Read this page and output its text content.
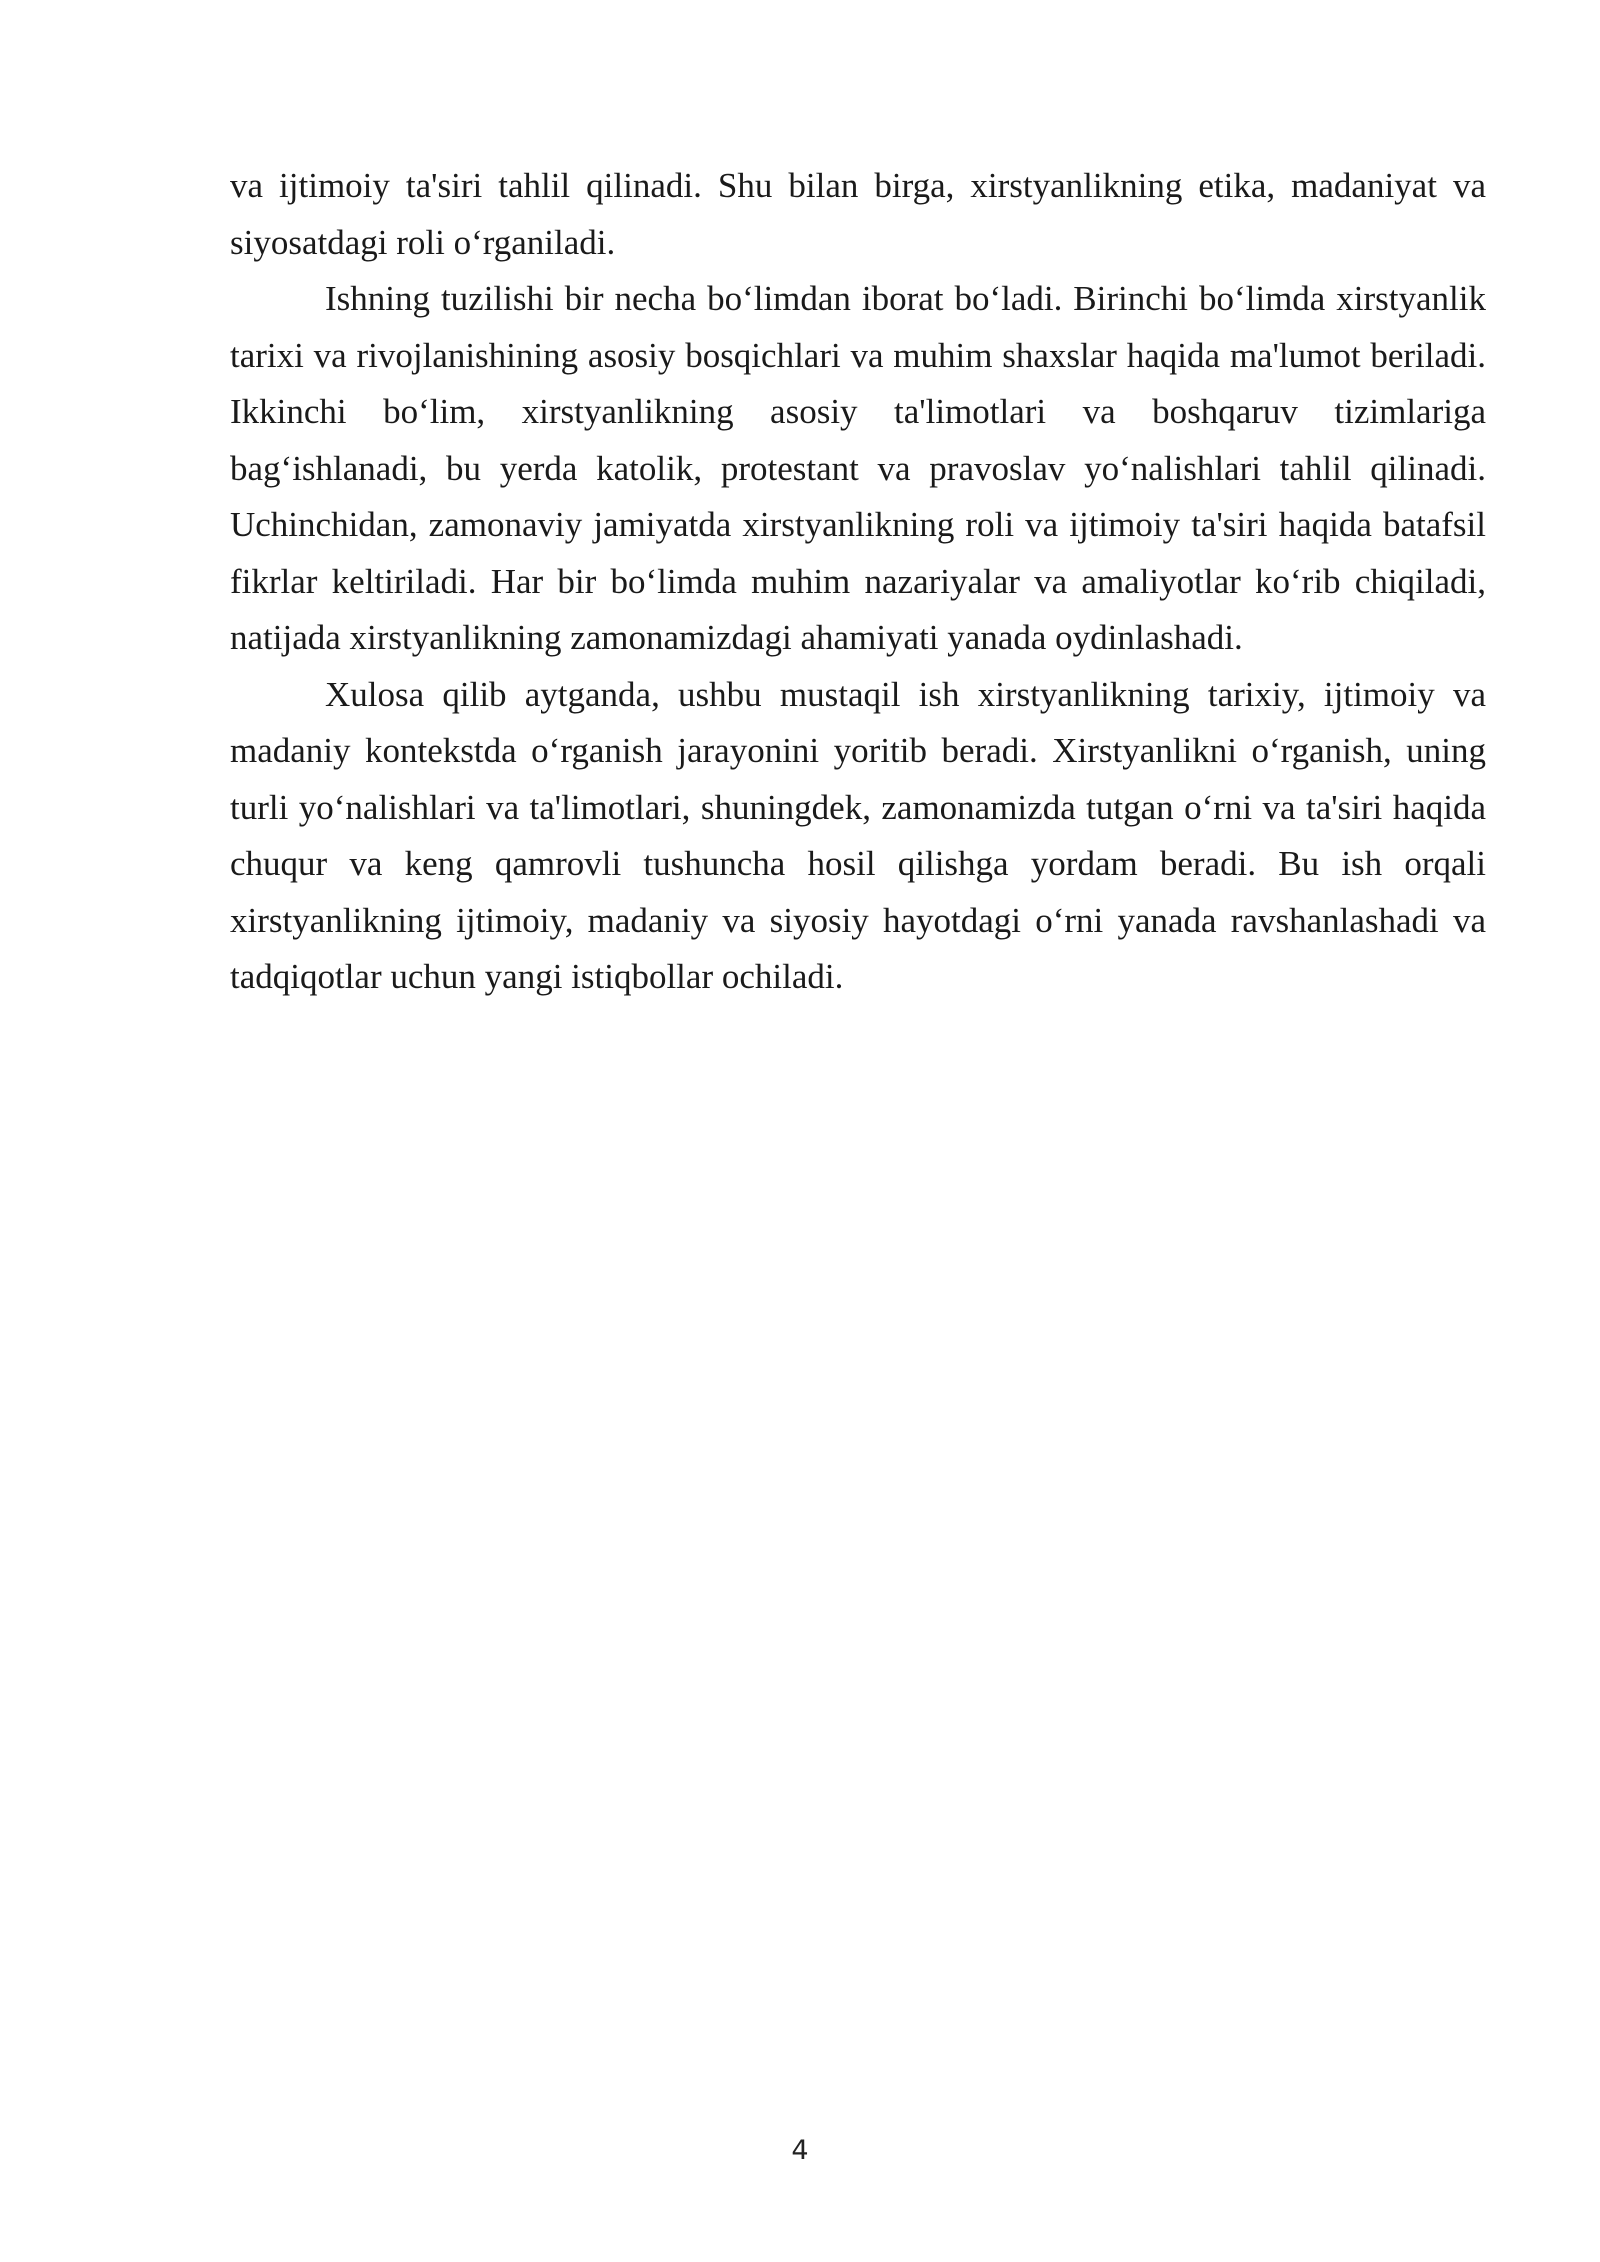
va ijtimoiy ta'siri tahlil qilinadi. Shu bilan birga, xirstyanlikning etika, madaniyat va siyosatdagi roli o‘rganiladi.

Ishning tuzilishi bir necha bo‘limdan iborat bo‘ladi. Birinchi bo‘limda xirstyanlik tarixi va rivojlanishining asosiy bosqichlari va muhim shaxslar haqida ma'lumot beriladi. Ikkinchi bo‘lim, xirstyanlikning asosiy ta'limotlari va boshqaruv tizimlariga bag‘ishlanadi, bu yerda katolik, protestant va pravoslav yo‘nalishlari tahlil qilinadi. Uchinchidan, zamonaviy jamiyatda xirstyanlikning roli va ijtimoiy ta'siri haqida batafsil fikrlar keltiriladi. Har bir bo‘limda muhim nazariyalar va amaliyotlar ko‘rib chiqiladi, natijada xirstyanlikning zamonamizdagi ahamiyati yanada oydinlashadi.

Xulosa qilib aytganda, ushbu mustaqil ish xirstyanlikning tarixiy, ijtimoiy va madaniy kontekstda o‘rganish jarayonini yoritib beradi. Xirstyanlikni o‘rganish, uning turli yo‘nalishlari va ta'limotlari, shuningdek, zamonamizda tutgan o‘rni va ta'siri haqida chuqur va keng qamrovli tushuncha hosil qilishga yordam beradi. Bu ish orqali xirstyanlikning ijtimoiy, madaniy va siyosiy hayotdagi o‘rni yanada ravshanlashadi va tadqiqotlar uchun yangi istiqbollar ochiladi.

4
